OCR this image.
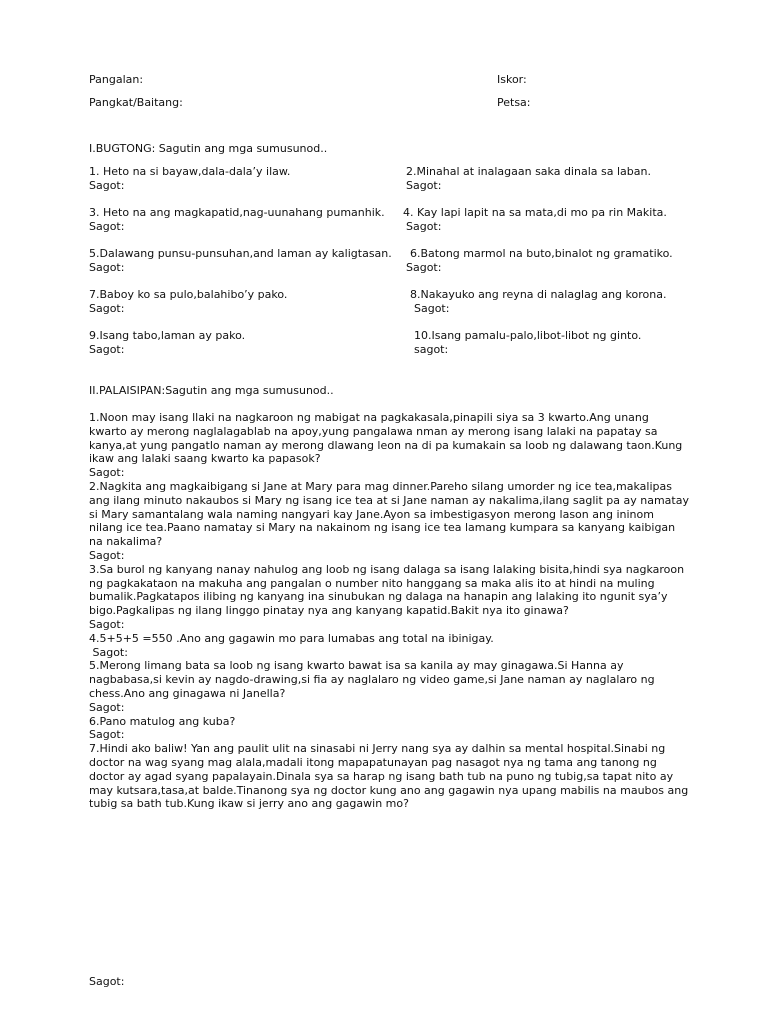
Pangalan:	Iskor:
Pangkat/Baitang:	Petsa:
I.BUGTONG: Sagutin ang mga sumusunod..
1. Heto na si bayaw,dala-dala’y ilaw.
Sagot:
2.Minahal at inalagaan saka dinala sa laban.
Sagot:
3. Heto na ang magkapatid,nag-uunahang pumanhik.
Sagot:
4. Kay lapi lapit na sa mata,di mo pa rin Makita.
Sagot:
5.Dalawang punsu-punsuhan,and laman ay kaligtasan.
Sagot:
6.Batong marmol na buto,binalot ng gramatiko.
Sagot:
7.Baboy ko sa pulo,balahibo’y pako.
Sagot:
8.Nakayuko ang reyna di nalaglag ang korona.
Sagot:
9.Isang tabo,laman ay pako.
Sagot:
10.Isang pamalu-palo,libot-libot ng ginto.
sagot:
II.PALAISIPAN:Sagutin ang mga sumusunod..

1.Noon may isang llaki na nagkaroon ng mabigat na pagkakasala,pinapili siya sa 3 kwarto.Ang unang kwarto ay merong naglalagablab na apoy,yung pangalawa nman ay merong isang lalaki na papatay sa kanya,at yung pangatlo naman ay merong dlawang leon na di pa kumakain sa loob ng dalawang taon.Kung ikaw ang lalaki saang kwarto ka papasok?

Sagot:

2.Nagkita ang magkaibigang si Jane at Mary para mag dinner.Pareho silang umorder ng ice tea,makalipas ang ilang minuto nakaubos si Mary ng isang ice tea at si Jane naman ay nakalima,ilang saglit pa ay namatay si Mary samantalang wala naming nangyari kay Jane.Ayon sa imbestigasyon merong lason ang ininom nilang ice tea.Paano namatay si Mary na nakainom ng isang ice tea lamang kumpara sa kanyang kaibigan na nakalima?

Sagot:

3.Sa burol ng kanyang nanay nahulog ang loob ng isang dalaga sa isang lalaking bisita,hindi sya nagkaroon ng pagkakataon na makuha ang pangalan o number nito hanggang sa maka alis ito at hindi na muling bumalik.Pagkatapos ilibing ng kanyang ina sinubukan ng dalaga na hanapin ang lalaking ito ngunit sya’y bigo.Pagkalipas ng ilang linggo pinatay nya ang kanyang kapatid.Bakit nya ito ginawa?

Sagot:

4.5+5+5 =550 .Ano ang gagawin mo para lumabas ang total na ibinigay.

Sagot:

5.Merong limang bata sa loob ng isang kwarto bawat isa sa kanila ay may ginagawa.Si Hanna ay nagbabasa,si kevin ay nagdo-drawing,si fia ay naglalaro ng video game,si Jane naman ay naglalaro ng chess.Ano ang ginagawa ni Janella?

Sagot:

6.Pano matulog ang kuba?

Sagot:

7.Hindi ako baliw! Yan ang paulit ulit na sinasabi ni Jerry nang sya ay dalhin sa mental hospital.Sinabi ng doctor na wag syang mag alala,madali itong mapapatunayan pag nasagot nya ng tama ang tanong ng doctor ay agad syang papalayain.Dinala sya sa harap ng isang bath tub na puno ng tubig,sa tapat nito ay may kutsara,tasa,at balde.Tinanong sya ng doctor kung ano ang gagawin nya upang mabilis na maubos ang tubig sa bath tub.Kung ikaw si jerry ano ang gagawin mo?

Sagot:
